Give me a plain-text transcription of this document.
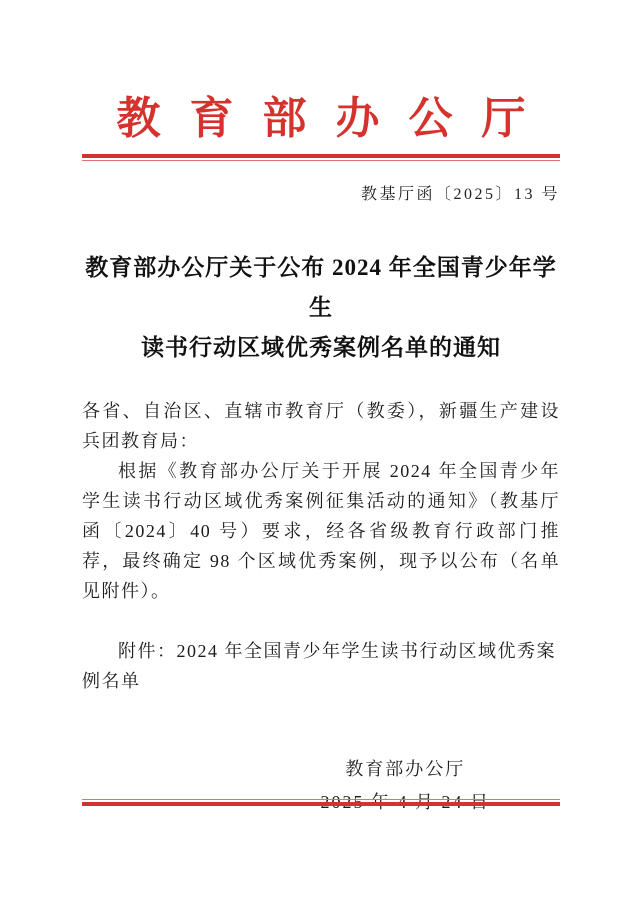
教育部办公厅
教基厅函〔2025〕13 号
教育部办公厅关于公布 2024 年全国青少年学生
读书行动区域优秀案例名单的通知

各省、自治区、直辖市教育厅（教委），新疆生产建设兵团教育局：

根据《教育部办公厅关于开展 2024 年全国青少年学生读书行动区域优秀案例征集活动的通知》（教基厅函〔2024〕40 号）要求，经各省级教育行政部门推荐，最终确定 98 个区域优秀案例，现予以公布（名单见附件）。

附件：2024 年全国青少年学生读书行动区域优秀案例名单
教育部办公厅
2025 年 4 月 24 日
